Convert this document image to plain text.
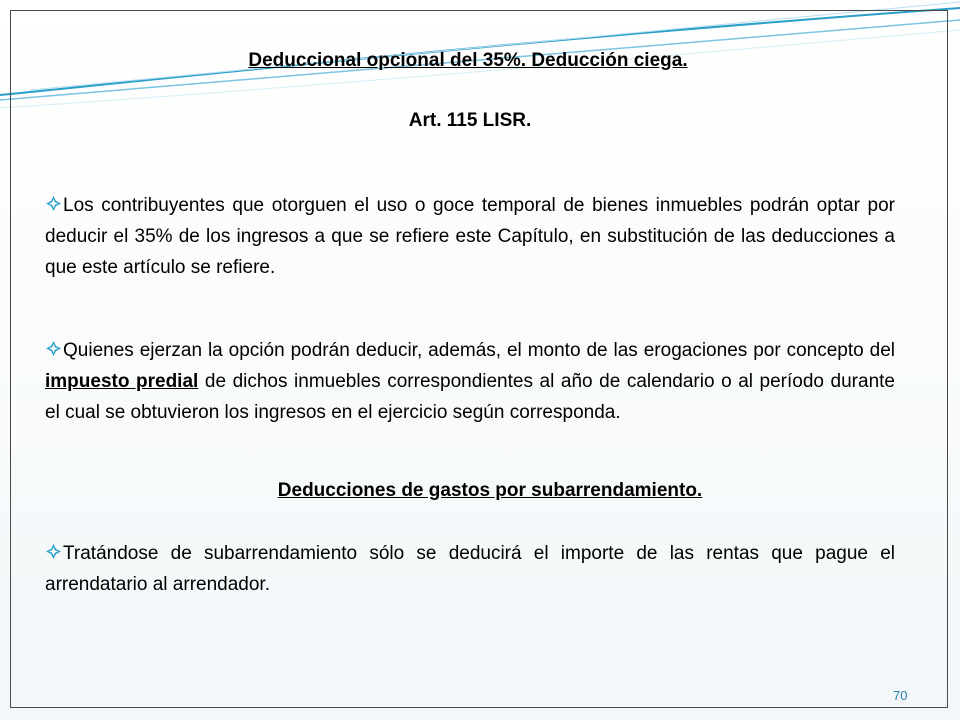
Deduccional opcional del 35%. Deducción ciega.
Art. 115 LISR.
Los contribuyentes que otorguen el uso o goce temporal de bienes inmuebles podrán optar por deducir el 35% de los ingresos a que se refiere este Capítulo, en substitución de las deducciones a que este artículo se refiere.
Quienes ejerzan la opción podrán deducir, además, el monto de las erogaciones por concepto del impuesto predial de dichos inmuebles correspondientes al año de calendario o al período durante el cual se obtuvieron los ingresos en el ejercicio según corresponda.
Deducciones de gastos por subarrendamiento.
Tratándose de subarrendamiento sólo se deducirá el importe de las rentas que pague el arrendatario al arrendador.
70
